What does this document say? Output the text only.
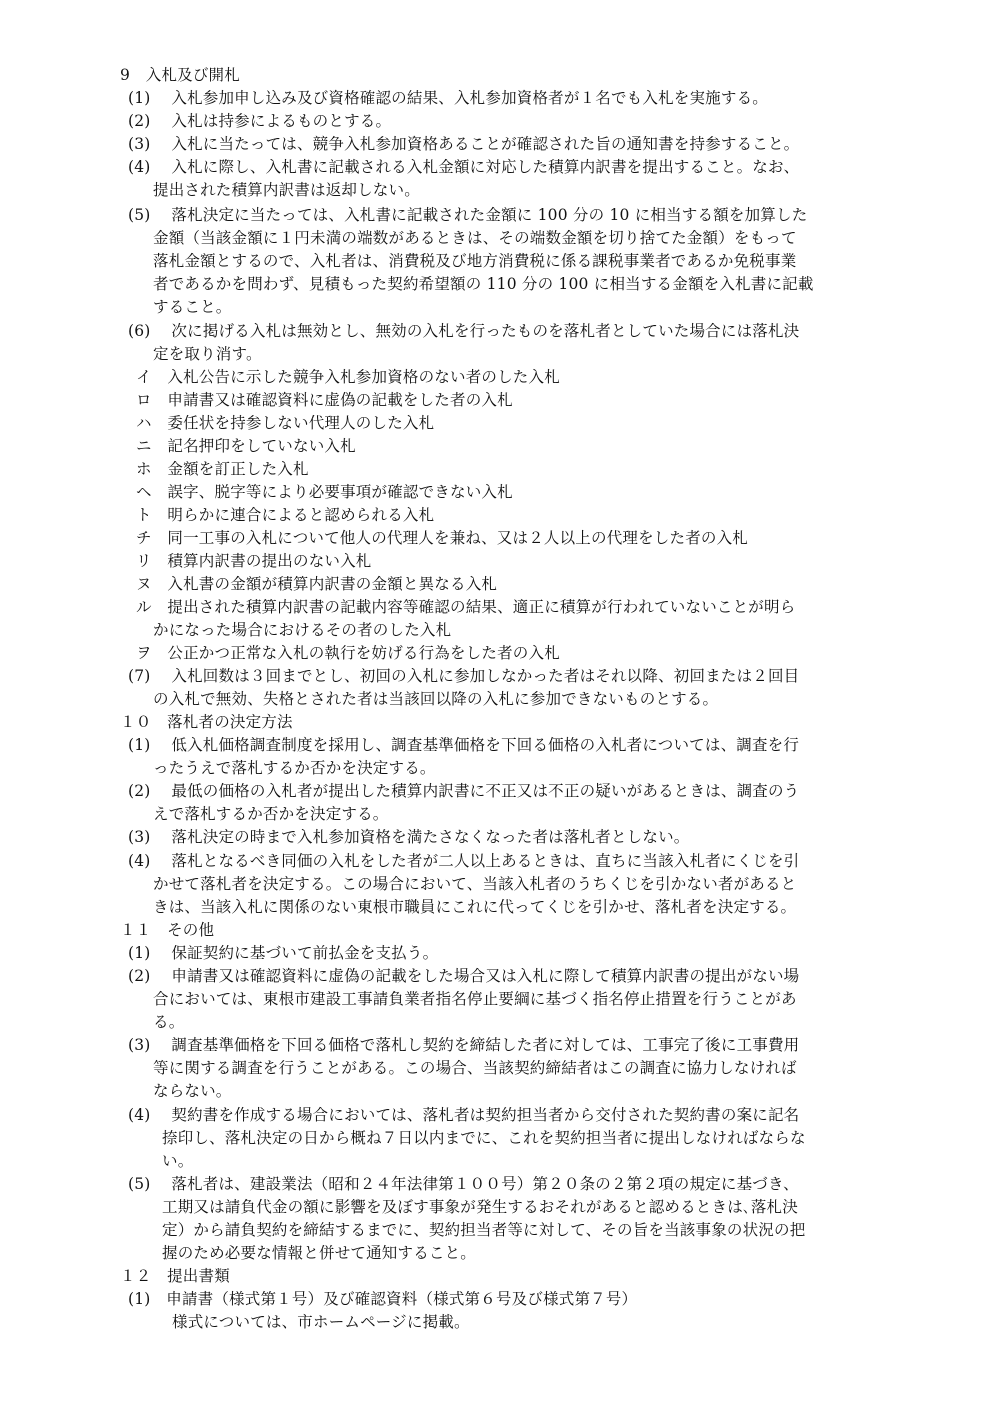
9　入札及び開札
(1)　 入札参加申し込み及び資格確認の結果、入札参加資格者が１名でも入札を実施する。
(2)　 入札は持参によるものとする。
(3)　 入札に当たっては、競争入札参加資格あることが確認された旨の通知書を持参すること。
(4)　 入札に際し、入札書に記載される入札金額に対応した積算内訳書を提出すること。なお、
提出された積算内訳書は返却しない。
(5)　 落札決定に当たっては、入札書に記載された金額に 100 分の 10 に相当する額を加算した
金額（当該金額に１円未満の端数があるときは、その端数金額を切り捨てた金額）をもって
落札金額とするので、入札者は、消費税及び地方消費税に係る課税事業者であるか免税事業
者であるかを問わず、見積もった契約希望額の 110 分の 100 に相当する金額を入札書に記載
すること。
(6)　 次に掲げる入札は無効とし、無効の入札を行ったものを落札者としていた場合には落札決
定を取り消す。
イ　入札公告に示した競争入札参加資格のない者のした入札
ロ　申請書又は確認資料に虚偽の記載をした者の入札
ハ　委任状を持参しない代理人のした入札
ニ　記名押印をしていない入札
ホ　金額を訂正した入札
ヘ　誤字、脱字等により必要事項が確認できない入札
ト　明らかに連合によると認められる入札
チ　同一工事の入札について他人の代理人を兼ね、又は２人以上の代理をした者の入札
リ　積算内訳書の提出のない入札
ヌ　入札書の金額が積算内訳書の金額と異なる入札
ル　提出された積算内訳書の記載内容等確認の結果、適正に積算が行われていないことが明ら
かになった場合におけるその者のした入札
ヲ　公正かつ正常な入札の執行を妨げる行為をした者の入札
(7)　 入札回数は３回までとし、初回の入札に参加しなかった者はそれ以降、初回または２回目
の入札で無効、失格とされた者は当該回以降の入札に参加できないものとする。
１０　落札者の決定方法
(1)　 低入札価格調査制度を採用し、調査基準価格を下回る価格の入札者については、調査を行
ったうえで落札するか否かを決定する。
(2)　 最低の価格の入札者が提出した積算内訳書に不正又は不正の疑いがあるときは、調査のう
えで落札するか否かを決定する。
(3)　 落札決定の時まで入札参加資格を満たさなくなった者は落札者としない。
(4)　 落札となるべき同価の入札をした者が二人以上あるときは、直ちに当該入札者にくじを引
かせて落札者を決定する。この場合において、当該入札者のうちくじを引かない者があると
きは、当該入札に関係のない東根市職員にこれに代ってくじを引かせ、落札者を決定する。
１１　その他
(1)　 保証契約に基づいて前払金を支払う。
(2)　 申請書又は確認資料に虚偽の記載をした場合又は入札に際して積算内訳書の提出がない場
合においては、東根市建設工事請負業者指名停止要綱に基づく指名停止措置を行うことがあ
る。
(3)　 調査基準価格を下回る価格で落札し契約を締結した者に対しては、工事完了後に工事費用
等に関する調査を行うことがある。この場合、当該契約締結者はこの調査に協力しなければ
ならない。
(4)　 契約書を作成する場合においては、落札者は契約担当者から交付された契約書の案に記名
捺印し、落札決定の日から概ね７日以内までに、これを契約担当者に提出しなければならな
い。
(5)　 落札者は、建設業法（昭和２４年法律第１００号）第２０条の２第２項の規定に基づき、
工期又は請負代金の額に影響を及ぼす事象が発生するおそれがあると認めるときは､落札決
定）から請負契約を締結するまでに、契約担当者等に対して、その旨を当該事象の状況の把
握のため必要な情報と併せて通知すること。
１２　提出書類
(1)　申請書（様式第１号）及び確認資料（様式第６号及び様式第７号）
様式については、市ホームページに掲載。
